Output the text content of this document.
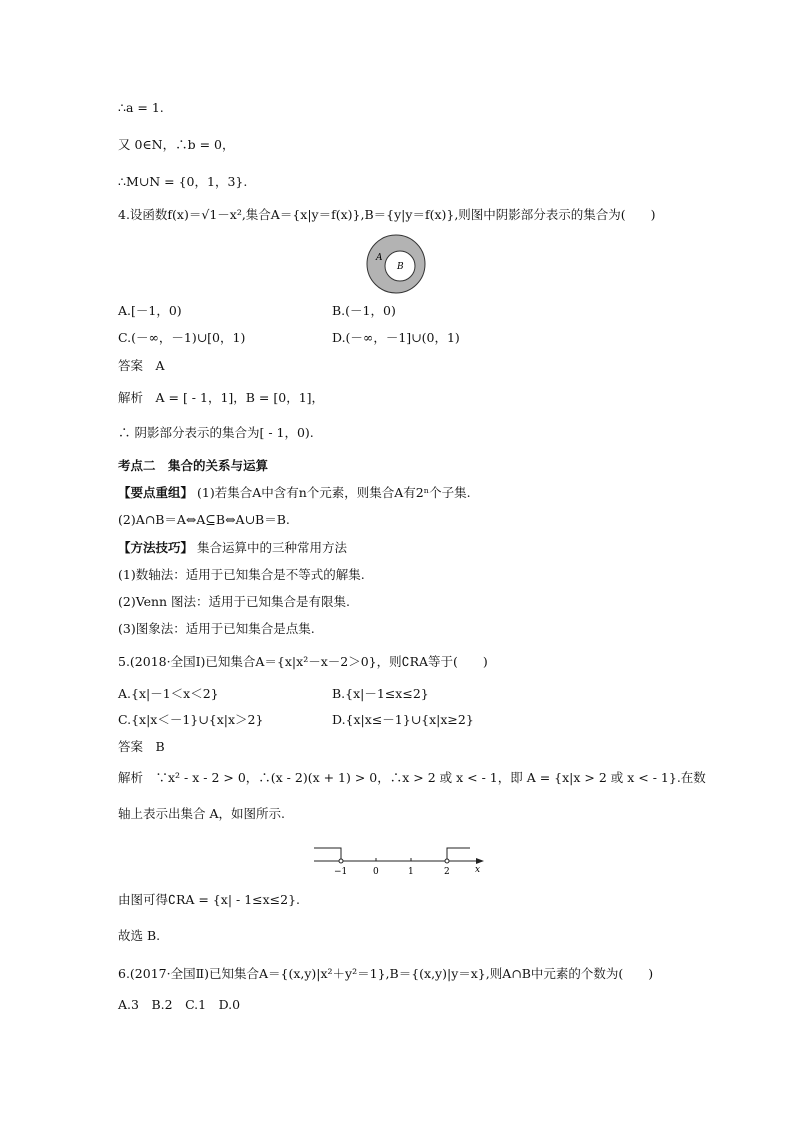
∴a = 1.
又 0∈N，∴b = 0，
∴M∪N = {0，1，3}.
4.设函数f(x)＝√1－x²,集合A＝{x|y＝f(x)},B＝{y|y＝f(x)},则图中阴影部分表示的集合为(　　)
A
B
A.[－1，0)	B.(－1，0)
C.(－∞，－1)∪[0，1)	D.(－∞，－1]∪(0，1)
答案　A
解析　A = [ - 1，1]，B = [0，1]，
∴ 阴影部分表示的集合为[ - 1，0).
考点二　集合的关系与运算
【要点重组】 (1)若集合A中含有n个元素，则集合A有2ⁿ个子集.
(2)A∩B＝A⇔A⊆B⇔A∪B＝B.
【方法技巧】 集合运算中的三种常用方法
(1)数轴法：适用于已知集合是不等式的解集.
(2)Venn 图法：适用于已知集合是有限集.
(3)图象法：适用于已知集合是点集.
5.(2018·全国Ⅰ)已知集合A＝{x|x²－x－2＞0}，则∁RA等于(　　)
A.{x|－1＜x＜2}	B.{x|－1≤x≤2}
C.{x|x＜－1}∪{x|x＞2}	D.{x|x≤－1}∪{x|x≥2}
答案　B
解析　∵x² - x - 2 > 0，∴(x - 2)(x + 1) > 0，∴x > 2 或 x < - 1，即 A = {x|x > 2 或 x < - 1}.在数
轴上表示出集合 A，如图所示.
−1	0	1	2	x
由图可得∁RA = {x| - 1≤x≤2}.
故选 B.
6.(2017·全国Ⅱ)已知集合A＝{(x,y)|x²＋y²＝1},B＝{(x,y)|y＝x},则A∩B中元素的个数为(　　)
A.3　B.2　C.1　D.0
